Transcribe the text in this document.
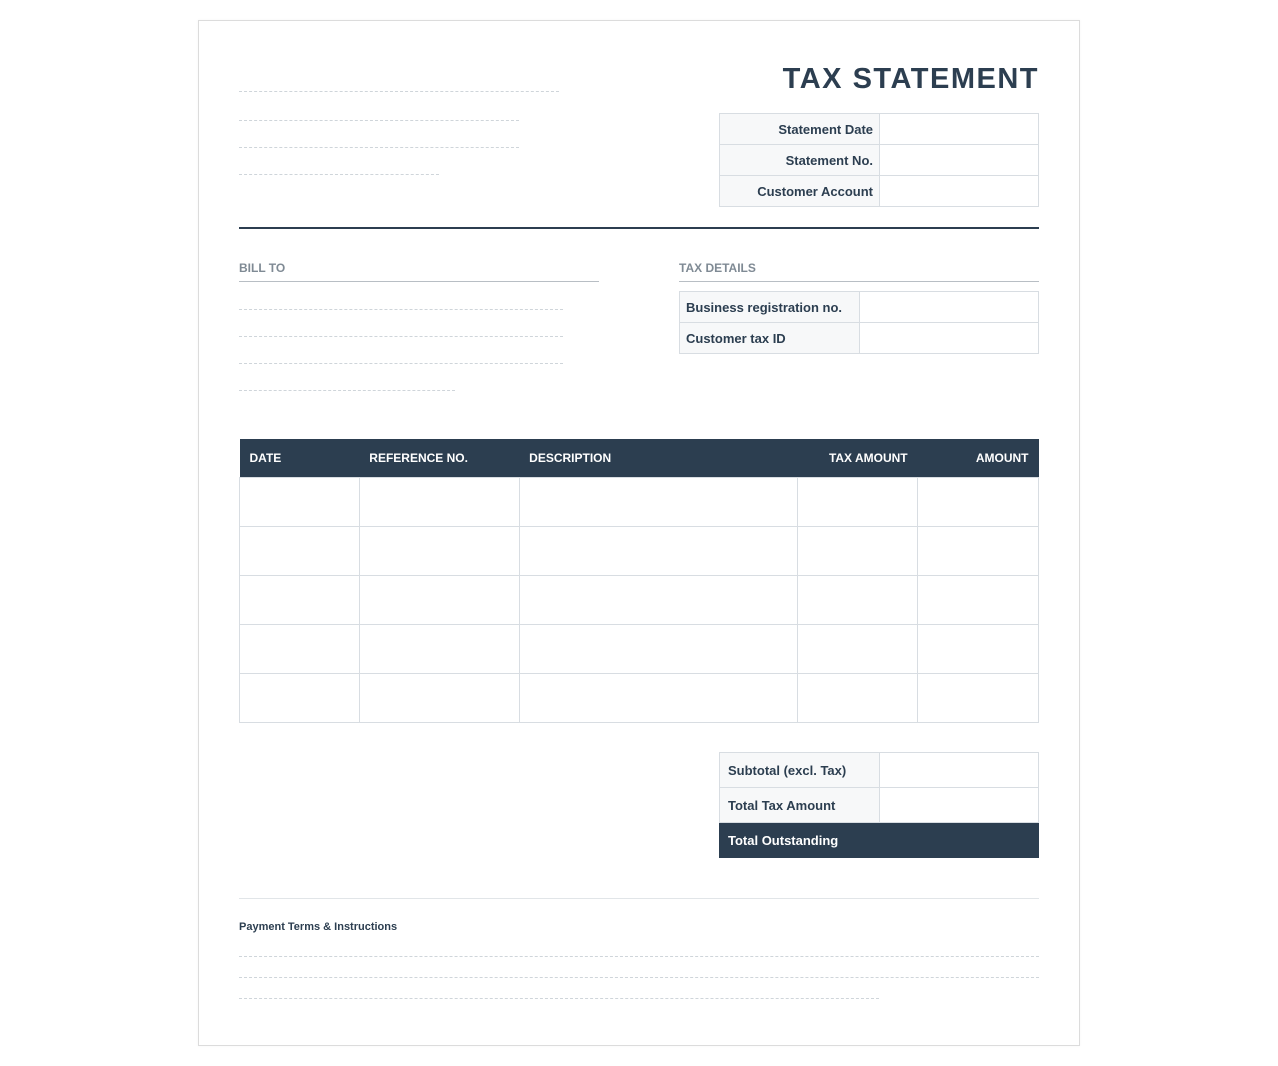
TAX STATEMENT
Statement Date	
Statement No.	
Customer Account	
BILL TO	TAX DETAILS
Business registration no.	
Customer tax ID	
DATE	REFERENCE NO.	DESCRIPTION	TAX AMOUNT	AMOUNT

Subtotal (excl. Tax)	
Total Tax Amount	
Total Outstanding	
Payment Terms & Instructions
